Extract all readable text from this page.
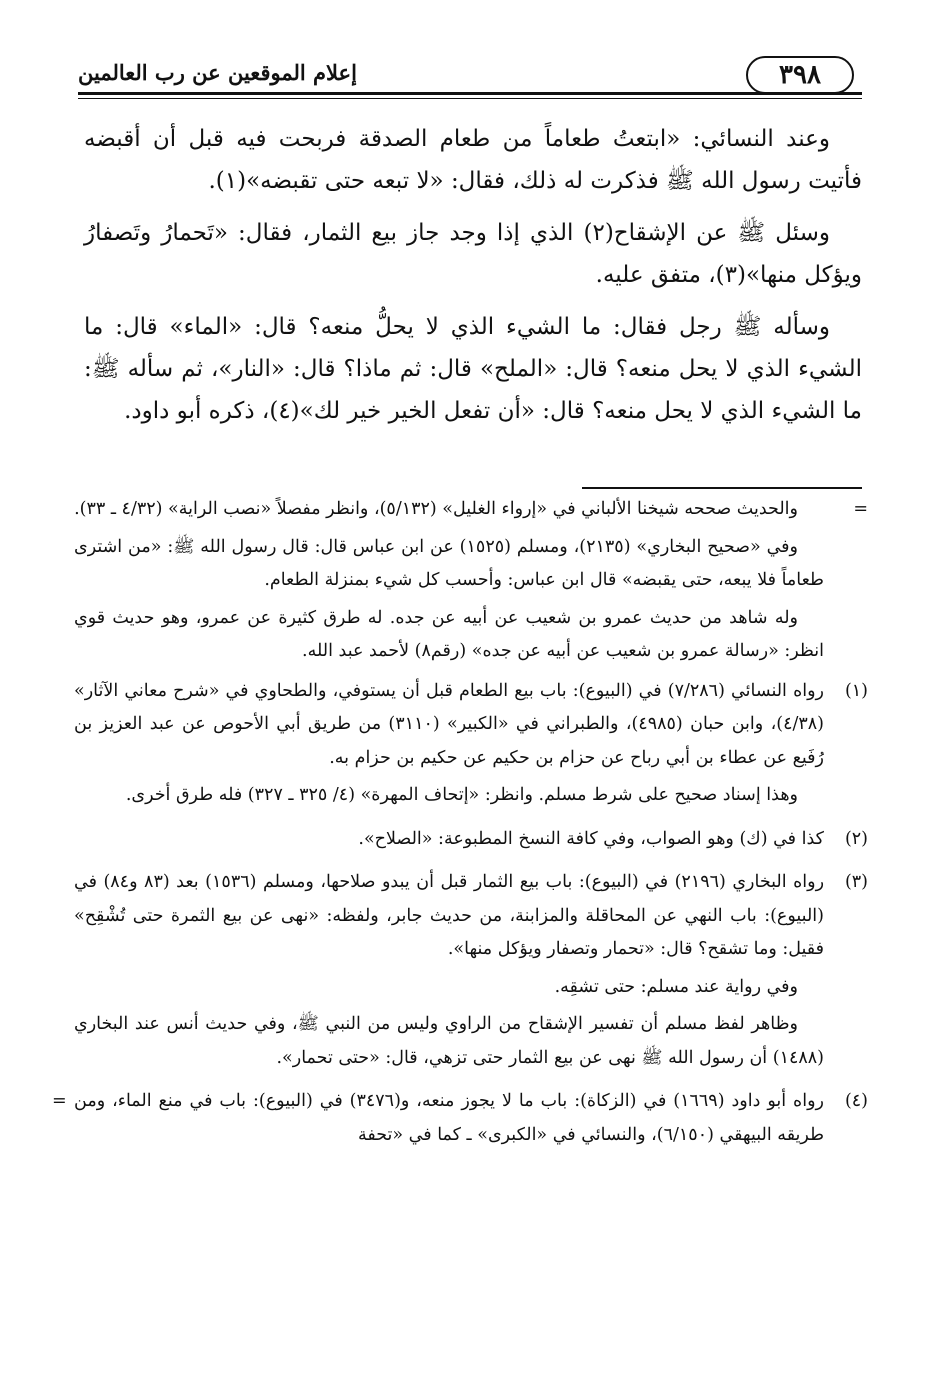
إعلام الموقعين عن رب العالمين	٣٩٨

وعند النسائي: «ابتعتُ طعاماً من طعام الصدقة فربحت فيه قبل أن أقبضه فأتيت رسول الله ﷺ فذكرت له ذلك، فقال: «لا تبعه حتى تقبضه»(١).

وسئل ﷺ عن الإشقاح(٢) الذي إذا وجد جاز بيع الثمار، فقال: «تَحمارُ وتَصفارُ ويؤكل منها»(٣)، متفق عليه.

وسأله ﷺ رجل فقال: ما الشيء الذي لا يحلُّ منعه؟ قال: «الماء» قال: ما الشيء الذي لا يحل منعه؟ قال: «الملح» قال: ثم ماذا؟ قال: «النار»، ثم سأله ﷺ: ما الشيء الذي لا يحل منعه؟ قال: «أن تفعل الخير خير لك»(٤)، ذكره أبو داود.

=

والحديث صححه شيخنا الألباني في «إرواء الغليل» (٥/١٣٢)، وانظر مفصلاً «نصب الراية» (٤/٣٢ ـ ٣٣).

وفي «صحيح البخاري» (٢١٣٥)، ومسلم (١٥٢٥) عن ابن عباس قال: قال رسول الله ﷺ: «من اشترى طعاماً فلا يبعه، حتى يقبضه» قال ابن عباس: وأحسب كل شيء بمنزلة الطعام.

وله شاهد من حديث عمرو بن شعيب عن أبيه عن جده. له طرق كثيرة عن عمرو، وهو حديث قوي انظر: «رسالة عمرو بن شعيب عن أبيه عن جده» (رقم٨) لأحمد عبد الله.

(١)

رواه النسائي (٧/٢٨٦) في (البيوع): باب بيع الطعام قبل أن يستوفي، والطحاوي في «شرح معاني الآثار» (٤/٣٨)، وابن حبان (٤٩٨٥)، والطبراني في «الكبير» (٣١١٠) من طريق أبي الأحوص عن عبد العزيز بن رُفَيع عن عطاء بن أبي رباح عن حزام بن حكيم عن حكيم بن حزام به.

وهذا إسناد صحيح على شرط مسلم. وانظر: «إتحاف المهرة» (٤/ ٣٢٥ ـ ٣٢٧) فله طرق أخرى.

(٢)

كذا في (ك) وهو الصواب، وفي كافة النسخ المطبوعة: «الصلاح».

(٣)

رواه البخاري (٢١٩٦) في (البيوع): باب بيع الثمار قبل أن يبدو صلاحها، ومسلم (١٥٣٦) بعد (٨٣ و٨٤) في (البيوع): باب النهي عن المحاقلة والمزابنة، من حديث جابر، ولفظه: «نهى عن بيع الثمرة حتى تُشْقِح» فقيل: وما تشقح؟ قال: «تحمار وتصفار ويؤكل منها».

وفي رواية عند مسلم: حتى تشقِه.

وظاهر لفظ مسلم أن تفسير الإشقاح من الراوي وليس من النبي ﷺ، وفي حديث أنس عند البخاري (١٤٨٨) أن رسول الله ﷺ نهى عن بيع الثمار حتى تزهي، قال: «حتى تحمار».

(٤)

رواه أبو داود (١٦٦٩) في (الزكاة): باب ما لا يجوز منعه، و(٣٤٧٦) في (البيوع): باب في منع الماء، ومن طريقه البيهقي (٦/١٥٠)، والنسائي في «الكبرى» ـ كما في «تحفة

=
